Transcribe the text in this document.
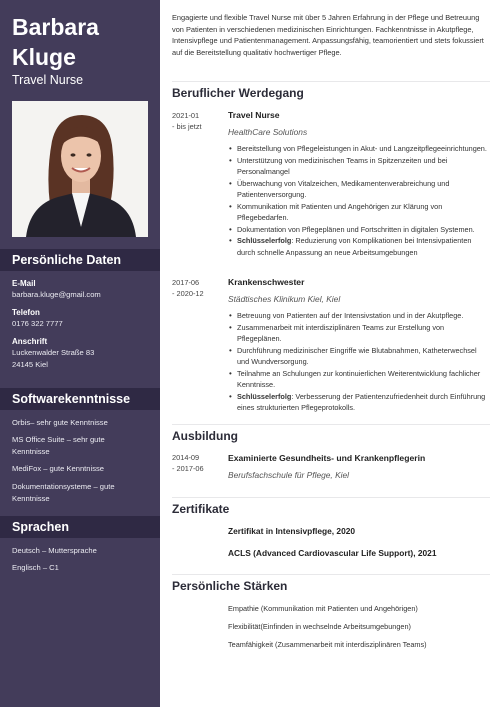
Barbara
Kluge
Travel Nurse
Persönliche Daten
E-Mail
barbara.kluge@gmail.com
Telefon
0176 322 7777
Anschrift
Luckenwalder Straße 83
24145 Kiel
Softwarekenntnisse
Orbis– sehr gute Kenntnisse
MS Office Suite – sehr gute Kenntnisse
MediFox – gute Kenntnisse
Dokumentationsysteme – gute Kenntnisse
Sprachen
Deutsch – Muttersprache
Englisch – C1
Engagierte und flexible Travel Nurse mit über 5 Jahren Erfahrung in der Pflege und Betreuung von Patienten in verschiedenen medizinischen Einrichtungen. Fachkenntnisse in Akutpflege, Intensivpflege und Patientenmanagement. Anpassungsfähig, teamorientiert und stets fokussiert auf die Bereitstellung qualitativ hochwertiger Pflege.
Beruflicher Werdegang
2021-01
- bis jetzt
Travel Nurse
HealthCare Solutions
• Bereitstellung von Pflegeleistungen in Akut- und Langzeitpflegeeinrichtungen.
• Unterstützung von medizinischen Teams in Spitzenzeiten und bei Personalmangel
• Überwachung von Vitalzeichen, Medikamentenverabreichung und Patientenversorgung.
• Kommunikation mit Patienten und Angehörigen zur Klärung von Pflegebedarfen.
• Dokumentation von Pflegeplänen und Fortschritten in digitalen Systemen.
• Schlüsselerfolg: Reduzierung von Komplikationen bei Intensivpatienten durch schnelle Anpassung an neue Arbeitsumgebungen
2017-06
- 2020-12
Krankenschwester
Städtisches Klinikum Kiel, Kiel
• Betreuung von Patienten auf der Intensivstation und in der Akutpflege.
• Zusammenarbeit mit interdisziplinären Teams zur Erstellung von Pflegeplänen.
• Durchführung medizinischer Eingriffe wie Blutabnahmen, Katheterwechsel und Wundversorgung.
• Teilnahme an Schulungen zur kontinuierlichen Weiterentwicklung fachlicher Kenntnisse.
• Schlüsselerfolg: Verbesserung der Patientenzufriedenheit durch Einführung eines strukturierten Pflegeprotokolls.
Ausbildung
2014-09
- 2017-06
Examinierte Gesundheits- und Krankenpflegerin
Berufsfachschule für Pflege, Kiel
Zertifikate
Zertifikat in Intensivpflege, 2020
ACLS (Advanced Cardiovascular Life Support), 2021
Persönliche Stärken
Empathie (Kommunikation mit Patienten und Angehörigen)
Flexibilität(Einfinden in wechselnde Arbeitsumgebungen)
Teamfähigkeit (Zusammenarbeit mit interdisziplinären Teams)
